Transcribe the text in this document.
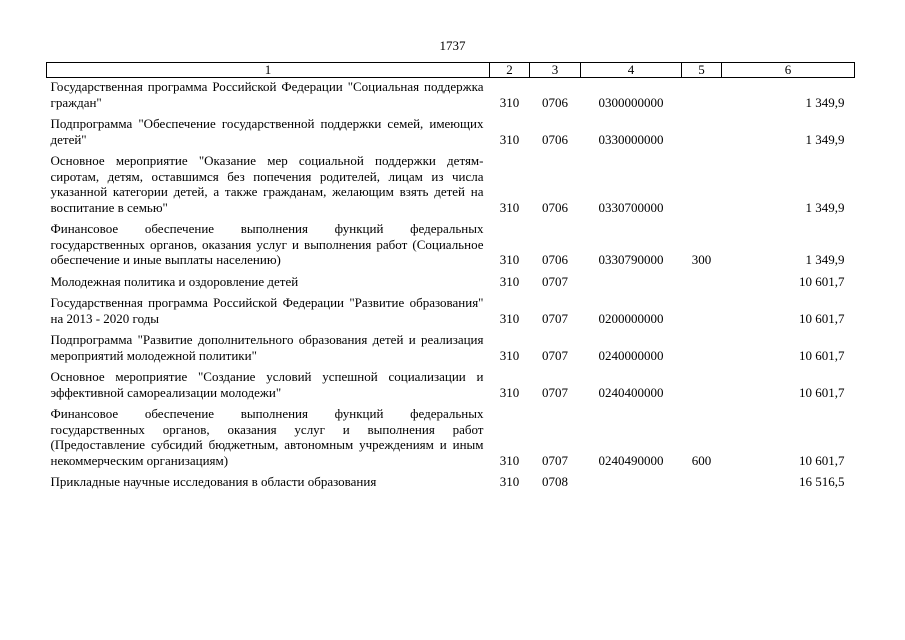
1737
1	2	3	4	5	6
Государственная программа Российской Федерации "Социальная поддержка граждан"	310	0706	0300000000		1 349,9
Подпрограмма "Обеспечение государственной поддержки семей, имеющих детей"	310	0706	0330000000		1 349,9
Основное мероприятие "Оказание мер социальной поддержки детям-сиротам, детям, оставшимся без попечения родителей, лицам из числа указанной категории детей, а также гражданам, желающим взять детей на воспитание в семью"	310	0706	0330700000		1 349,9
Финансовое обеспечение выполнения функций федеральных государственных органов, оказания услуг и выполнения работ (Социальное обеспечение и иные выплаты населению)	310	0706	0330790000	300	1 349,9
Молодежная политика и оздоровление детей	310	0707			10 601,7
Государственная программа Российской Федерации "Развитие образования" на 2013 - 2020 годы	310	0707	0200000000		10 601,7
Подпрограмма "Развитие дополнительного образования детей и реализация мероприятий молодежной политики"	310	0707	0240000000		10 601,7
Основное мероприятие "Создание условий успешной социализации и эффективной самореализации молодежи"	310	0707	0240400000		10 601,7
Финансовое обеспечение выполнения функций федеральных государственных органов, оказания услуг и выполнения работ (Предоставление субсидий бюджетным, автономным учреждениям и иным некоммерческим организациям)	310	0707	0240490000	600	10 601,7
Прикладные научные исследования в области образования	310	0708			16 516,5
